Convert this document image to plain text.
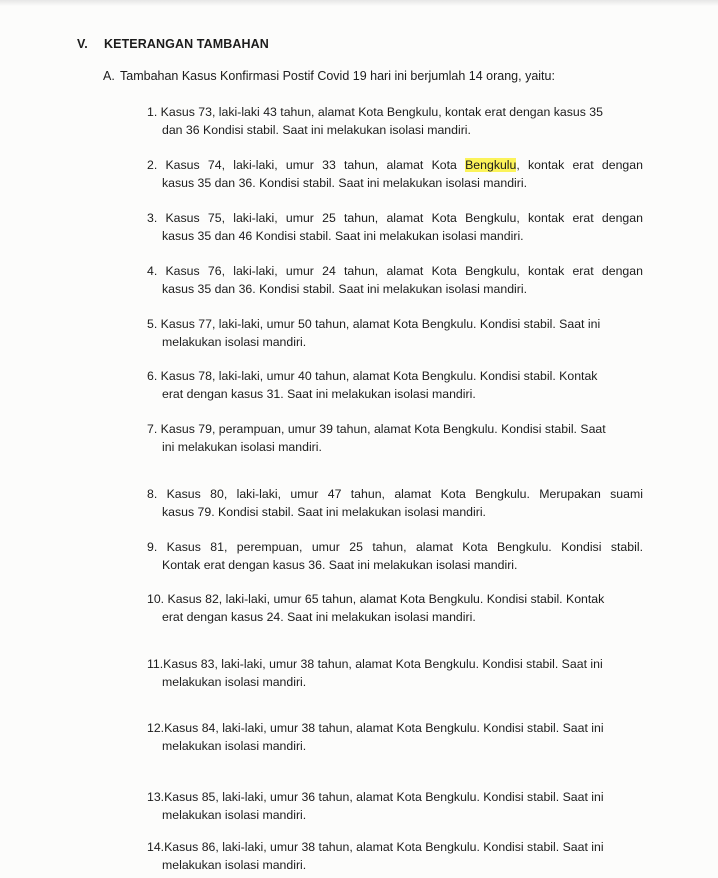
V.	KETERANGAN TAMBAHAN
A. Tambahan Kasus Konfirmasi Postif Covid 19 hari ini berjumlah 14 orang, yaitu:
1. Kasus 73, laki-laki 43 tahun, alamat Kota Bengkulu, kontak erat dengan kasus 35
dan 36 Kondisi stabil. Saat ini melakukan isolasi mandiri.
2. Kasus 74, laki-laki, umur 33 tahun, alamat Kota Bengkulu, kontak erat dengan
kasus 35 dan 36. Kondisi stabil. Saat ini melakukan isolasi mandiri.
3. Kasus 75, laki-laki, umur 25 tahun, alamat Kota Bengkulu, kontak erat dengan
kasus 35 dan 46 Kondisi stabil. Saat ini melakukan isolasi mandiri.
4. Kasus 76, laki-laki, umur 24 tahun, alamat Kota Bengkulu, kontak erat dengan
kasus 35 dan 36. Kondisi stabil. Saat ini melakukan isolasi mandiri.
5. Kasus 77, laki-laki, umur 50 tahun, alamat Kota Bengkulu. Kondisi stabil. Saat ini
melakukan isolasi mandiri.
6. Kasus 78, laki-laki, umur 40 tahun, alamat Kota Bengkulu. Kondisi stabil. Kontak
erat dengan kasus 31. Saat ini melakukan isolasi mandiri.
7. Kasus 79, perampuan, umur 39 tahun, alamat Kota Bengkulu. Kondisi stabil. Saat
ini melakukan isolasi mandiri.
8. Kasus 80, laki-laki, umur 47 tahun, alamat Kota Bengkulu. Merupakan suami
kasus 79. Kondisi stabil. Saat ini melakukan isolasi mandiri.
9. Kasus 81, perempuan, umur 25 tahun, alamat Kota Bengkulu. Kondisi stabil.
Kontak erat dengan kasus 36. Saat ini melakukan isolasi mandiri.
10. Kasus 82, laki-laki, umur 65 tahun, alamat Kota Bengkulu. Kondisi stabil. Kontak
erat dengan kasus 24. Saat ini melakukan isolasi mandiri.
11.Kasus 83, laki-laki, umur 38 tahun, alamat Kota Bengkulu. Kondisi stabil. Saat ini
melakukan isolasi mandiri.
12.Kasus 84, laki-laki, umur 38 tahun, alamat Kota Bengkulu. Kondisi stabil. Saat ini
melakukan isolasi mandiri.
13.Kasus 85, laki-laki, umur 36 tahun, alamat Kota Bengkulu. Kondisi stabil. Saat ini
melakukan isolasi mandiri.
14.Kasus 86, laki-laki, umur 38 tahun, alamat Kota Bengkulu. Kondisi stabil. Saat ini
melakukan isolasi mandiri.
